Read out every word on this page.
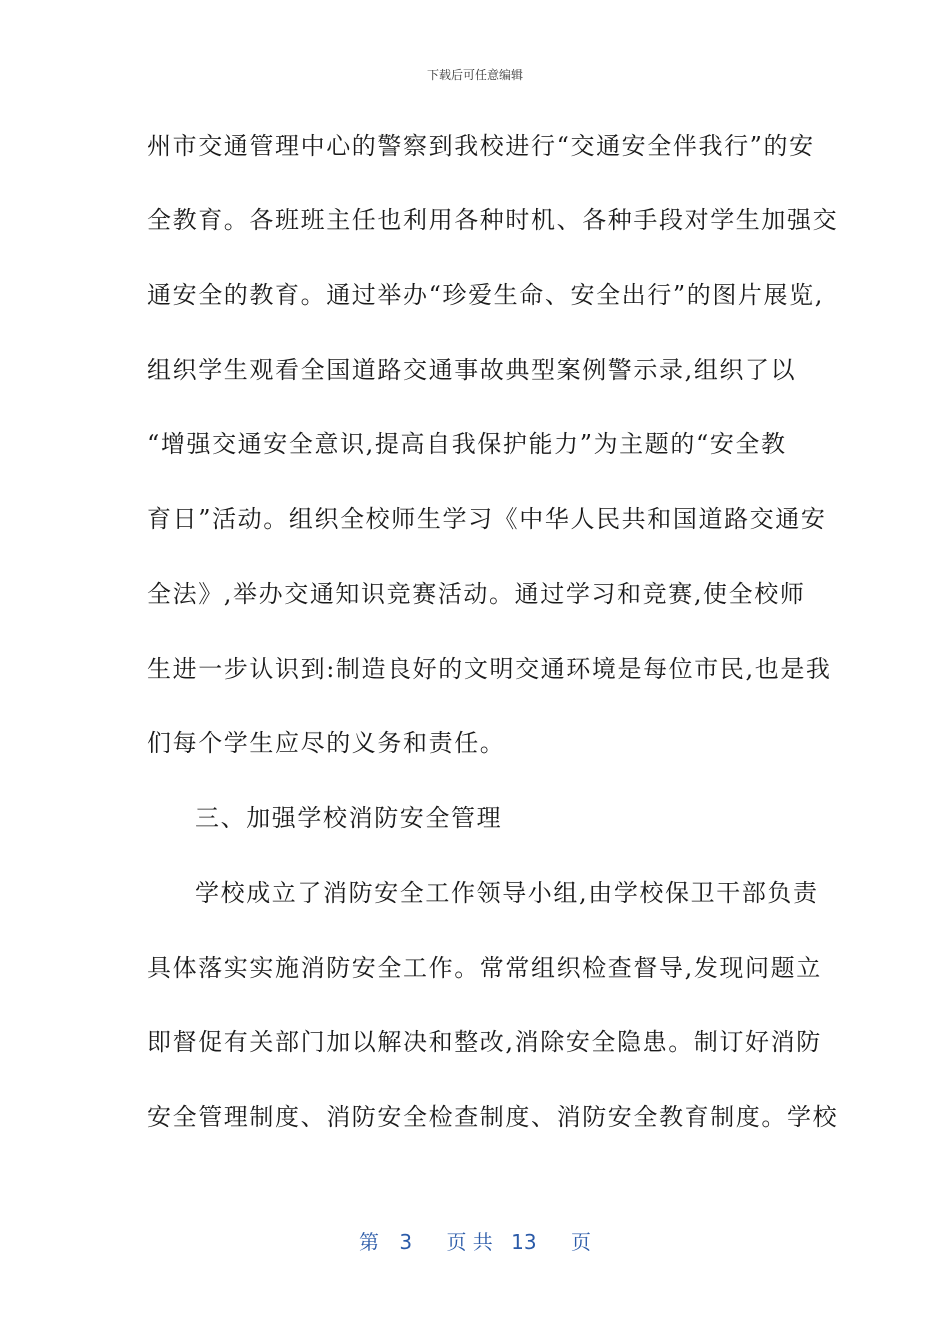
下载后可任意编辑
州市交通管理中心的警察到我校进行“交通安全伴我行”的安
全教育。各班班主任也利用各种时机、各种手段对学生加强交
通安全的教育。通过举办“珍爱生命、安全出行”的图片展览,
组织学生观看全国道路交通事故典型案例警示录,组织了以
“增强交通安全意识,提高自我保护能力”为主题的“安全教
育日”活动。组织全校师生学习《中华人民共和国道路交通安
全法》,举办交通知识竞赛活动。通过学习和竞赛,使全校师
生进一步认识到:制造良好的文明交通环境是每位市民,也是我
们每个学生应尽的义务和责任。
三、加强学校消防安全管理
学校成立了消防安全工作领导小组,由学校保卫干部负责
具体落实实施消防安全工作。常常组织检查督导,发现问题立
即督促有关部门加以解决和整改,消除安全隐患。制订好消防
安全管理制度、消防安全检查制度、消防安全教育制度。学校
第 3 页 共 13 页
